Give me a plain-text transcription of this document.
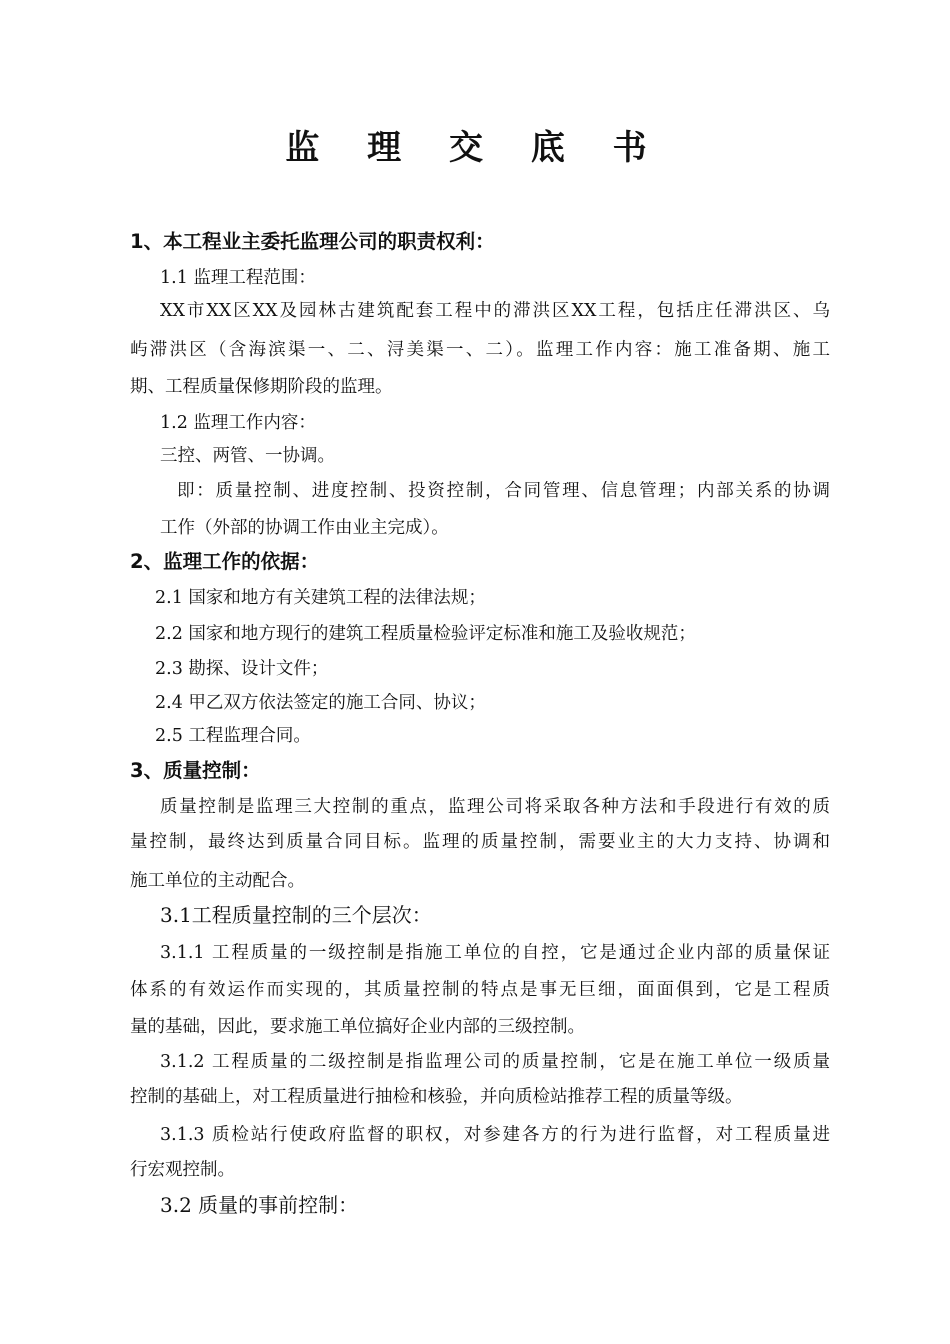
监 理 交 底 书
1、本工程业主委托监理公司的职责权利：
1.1 监理工程范围：
XX市XX区XX及园林古建筑配套工程中的滞洪区XX工程，包括庄任滞洪区、乌
屿滞洪区（含海滨渠一、二、浔美渠一、二）。监理工作内容：施工准备期、施工
期、工程质量保修期阶段的监理。
1.2 监理工作内容：
三控、两管、一协调。
即：质量控制、进度控制、投资控制，合同管理、信息管理；内部关系的协调
工作（外部的协调工作由业主完成）。
2、监理工作的依据：
2.1 国家和地方有关建筑工程的法律法规；
2.2 国家和地方现行的建筑工程质量检验评定标准和施工及验收规范；
2.3 勘探、设计文件；
2.4 甲乙双方依法签定的施工合同、协议；
2.5 工程监理合同。
3、质量控制：
质量控制是监理三大控制的重点，监理公司将采取各种方法和手段进行有效的质
量控制，最终达到质量合同目标。监理的质量控制，需要业主的大力支持、协调和
施工单位的主动配合。
3.1工程质量控制的三个层次：
3.1.1 工程质量的一级控制是指施工单位的自控，它是通过企业内部的质量保证
体系的有效运作而实现的，其质量控制的特点是事无巨细，面面俱到，它是工程质
量的基础，因此，要求施工单位搞好企业内部的三级控制。
3.1.2 工程质量的二级控制是指监理公司的质量控制，它是在施工单位一级质量
控制的基础上，对工程质量进行抽检和核验，并向质检站推荐工程的质量等级。
3.1.3 质检站行使政府监督的职权，对参建各方的行为进行监督，对工程质量进
行宏观控制。
3.2 质量的事前控制：
